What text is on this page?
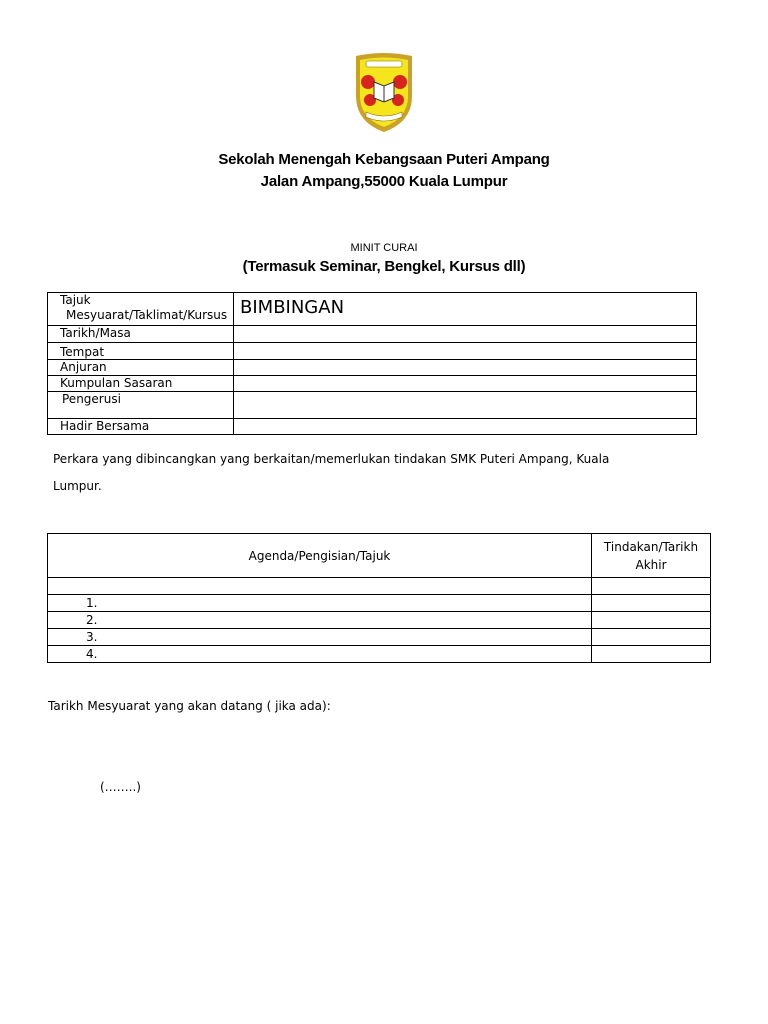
Sekolah Menengah Kebangsaan Puteri Ampang
Jalan Ampang,55000 Kuala Lumpur
MINIT CURAI
(Termasuk Seminar, Bengkel, Kursus dll)
Tajuk
Mesyuarat/Taklimat/Kursus	BIMBINGAN

Tarikh/Masa	
Tempat	
Anjuran	
Kumpulan Sasaran	
Pengerusi	
Hadir Bersama	
Perkara yang dibincangkan yang berkaitan/memerlukan tindakan SMK Puteri Ampang, Kuala
Lumpur.
Agenda/Pengisian/Tajuk	Tindakan/Tarikh
Akhir

1.	
2.	
3.	
4.	
Tarikh Mesyuarat yang akan datang ( jika ada):
(……..)
